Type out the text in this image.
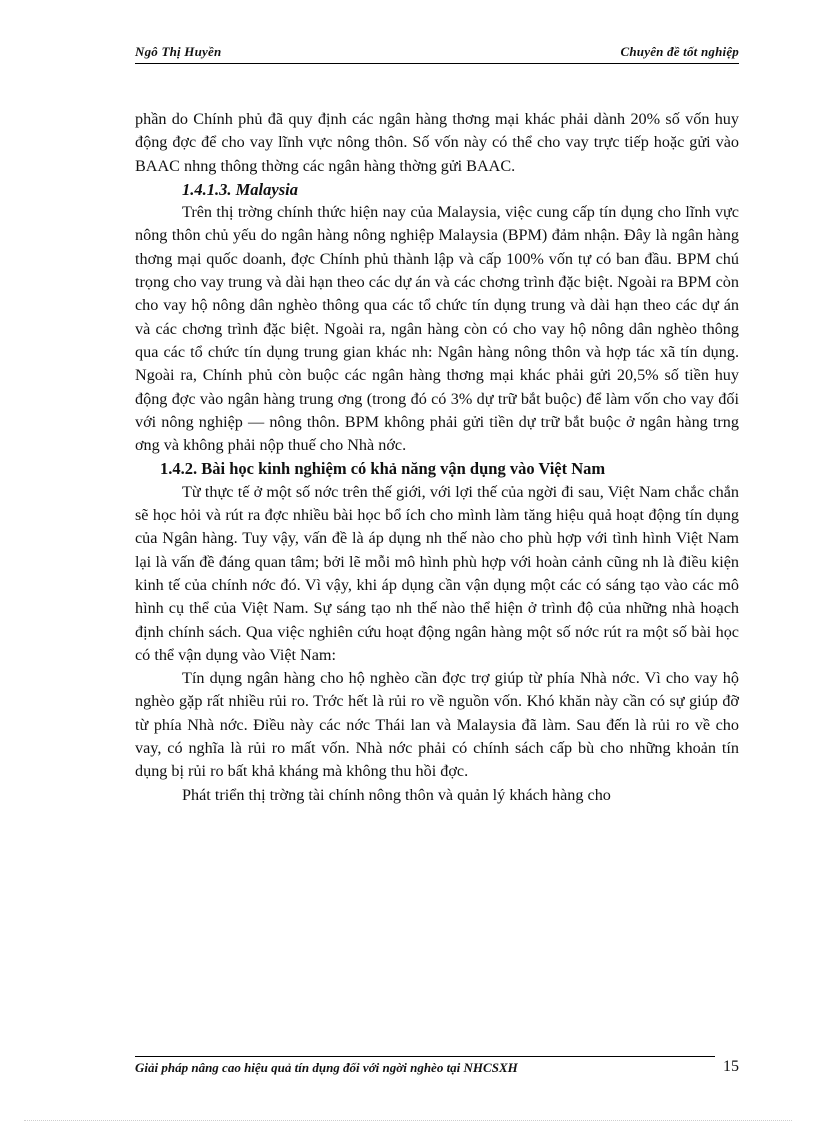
Ngô Thị Huyền	Chuyên đề tốt nghiệp

phần do Chính phủ đã quy định các ngân hàng thơng mại khác phải dành 20% số vốn huy động đợc để cho vay lĩnh vực nông thôn. Số vốn này có thể cho vay trực tiếp hoặc gửi vào BAAC nhng thông thờng các ngân hàng thờng gửi BAAC.

1.4.1.3. Malaysia

Trên thị trờng chính thức hiện nay của Malaysia, việc cung cấp tín dụng cho lĩnh vực nông thôn chủ yếu do ngân hàng nông nghiệp Malaysia (BPM) đảm nhận. Đây là ngân hàng thơng mại quốc doanh, đợc Chính phủ thành lập và cấp 100% vốn tự có ban đầu. BPM chú trọng cho vay trung và dài hạn theo các dự án và các chơng trình đặc biệt. Ngoài ra BPM còn cho vay hộ nông dân nghèo thông qua các tổ chức tín dụng trung và dài hạn theo các dự án và các chơng trình đặc biệt. Ngoài ra, ngân hàng còn có cho vay hộ nông dân nghèo thông qua các tổ chức tín dụng trung gian khác nh: Ngân hàng nông thôn và hợp tác xã tín dụng. Ngoài ra, Chính phủ còn buộc các ngân hàng thơng mại khác phải gửi 20,5% số tiền huy động đợc vào ngân hàng trung ơng (trong đó có 3% dự trữ bắt buộc) để làm vốn cho vay đối với nông nghiệp — nông thôn. BPM không phải gửi tiền dự trữ bắt buộc ở ngân hàng trng ơng và không phải nộp thuế cho Nhà nớc.

1.4.2. Bài học kinh nghiệm có khả năng vận dụng vào Việt Nam

Từ thực tế ở một số nớc trên thế giới, với lợi thế của ngời đi sau, Việt Nam chắc chắn sẽ học hỏi và rút ra đợc nhiều bài học bổ ích cho mình làm tăng hiệu quả hoạt động tín dụng của Ngân hàng. Tuy vậy, vấn đề là áp dụng nh thế nào cho phù hợp với tình hình Việt Nam lại là vấn đề đáng quan tâm; bởi lẽ mỗi mô hình phù hợp với hoàn cảnh cũng nh là điều kiện kinh tế của chính nớc đó. Vì vậy, khi áp dụng cần vận dụng một các có sáng tạo vào các mô hình cụ thể của Việt Nam. Sự sáng tạo nh thế nào thể hiện ở trình độ của những nhà hoạch định chính sách. Qua việc nghiên cứu hoạt động ngân hàng một số nớc rút ra một số bài học có thể vận dụng vào Việt Nam:

Tín dụng ngân hàng cho hộ nghèo cần đợc trợ giúp từ phía Nhà nớc. Vì cho vay hộ nghèo gặp rất nhiều rủi ro. Trớc hết là rủi ro về nguồn vốn. Khó khăn này cần có sự giúp đỡ từ phía Nhà nớc. Điều này các nớc Thái lan và Malaysia đã làm. Sau đến là rủi ro về cho vay, có nghĩa là rủi ro mất vốn. Nhà nớc phải có chính sách cấp bù cho những khoản tín dụng bị rủi ro bất khả kháng mà không thu hồi đợc.

Phát triển thị trờng tài chính nông thôn và quản lý khách hàng cho

Giải pháp nâng cao hiệu quả tín dụng đối với ngời nghèo tại NHCSXH	15
